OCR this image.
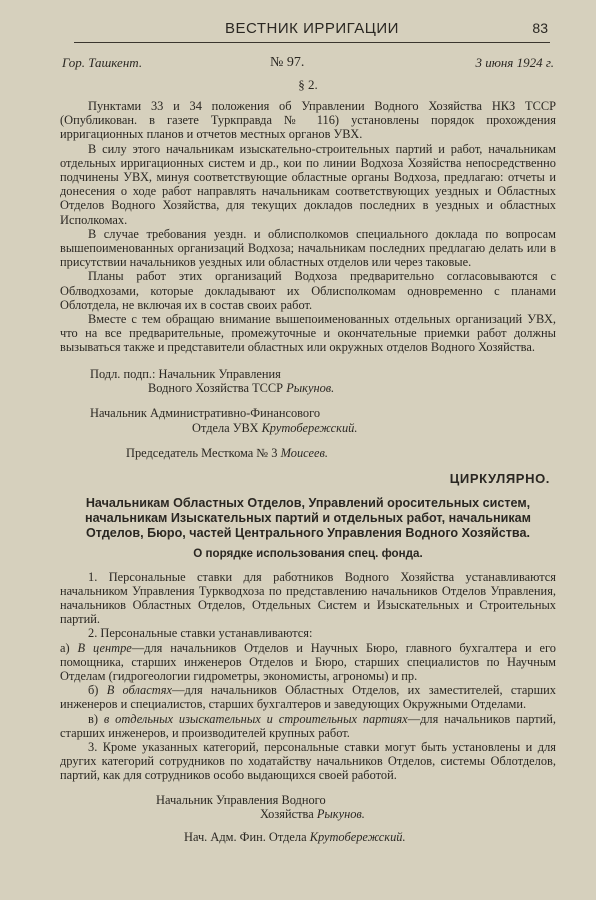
ВЕСТНИК ИРРИГАЦИИ	83
Гор. Ташкент.	№ 97.	3 июня 1924 г.
§ 2.

Пунктами 33 и 34 положения об Управлении Водного Хозяйства НКЗ ТССР (Опубликован. в газете Туркправда № 116) установлены порядок прохождения ирригационных планов и отчетов местных органов УВХ.

В силу этого начальникам изыскательно-строительных партий и работ, начальникам отдельных ирригационных систем и др., кои по линии Водхоза Хозяйства непосредственно подчинены УВХ, минуя соответствующие областные органы Водхоза, предлагаю: отчеты и донесения о ходе работ направлять начальникам соответствующих уездных и Областных Отделов Водного Хозяйства, для текущих докладов последних в уездных и областных Исполкомах.

В случае требования уездн. и облисполкомов специального доклада по вопросам вышепоименованных организаций Водхоза; начальникам последних предлагаю делать или в присутствии начальников уездных или областных отделов или через таковые.

Планы работ этих организаций Водхоза предварительно согласовываются с Облводхозами, которые докладывают их Облисполкомам одновременно с планами Облотдела, не включая их в состав своих работ.

Вместе с тем обращаю внимание вышепоименованных отдельных организаций УВХ, что на все предварительные, промежуточные и окончательные приемки работ должны вызываться также и представители областных или окружных отделов Водного Хозяйства.

Подл. подп.: Начальник Управления
Водного Хозяйства ТССР Рыкунов.
Начальник Административно-Финансового
Отдела УВХ Крутобережский.
Председатель Месткома № 3 Моисеев.
ЦИРКУЛЯРНО.
Начальникам Областных Отделов, Управлений оросительных систем, начальникам Изыскательных партий и отдельных работ, начальникам Отделов, Бюро, частей Центрального Управления Водного Хозяйства.
О порядке использования спец. фонда.

1. Персональные ставки для работников Водного Хозяйства устанавливаются начальником Управления Туркводхоза по представлению начальников Отделов Управления, начальников Областных Отделов, Отдельных Систем и Изыскательных и Строительных партий.

2. Персональные ставки устанавливаются:

а) В центре—для начальников Отделов и Научных Бюро, главного бухгалтера и его помощника, старших инженеров Отделов и Бюро, старших специалистов по Научным Отделам (гидрогеологии гидрометры, экономисты, агрономы) и пр.

б) В областях—для начальников Областных Отделов, их заместителей, старших инженеров и специалистов, старших бухгалтеров и заведующих Окружными Отделами.

в) в отдельных изыскательных и строительных партиях—для начальников партий, старших инженеров, и производителей крупных работ.

3. Кроме указанных категорий, персональные ставки могут быть установлены и для других категорий сотрудников по ходатайству начальников Отделов, системы Облотделов, партий, как для сотрудников особо выдающихся своей работой.

Начальник Управления Водного
Хозяйства Рыкунов.
Нач. Адм. Фин. Отдела Крутобережский.
